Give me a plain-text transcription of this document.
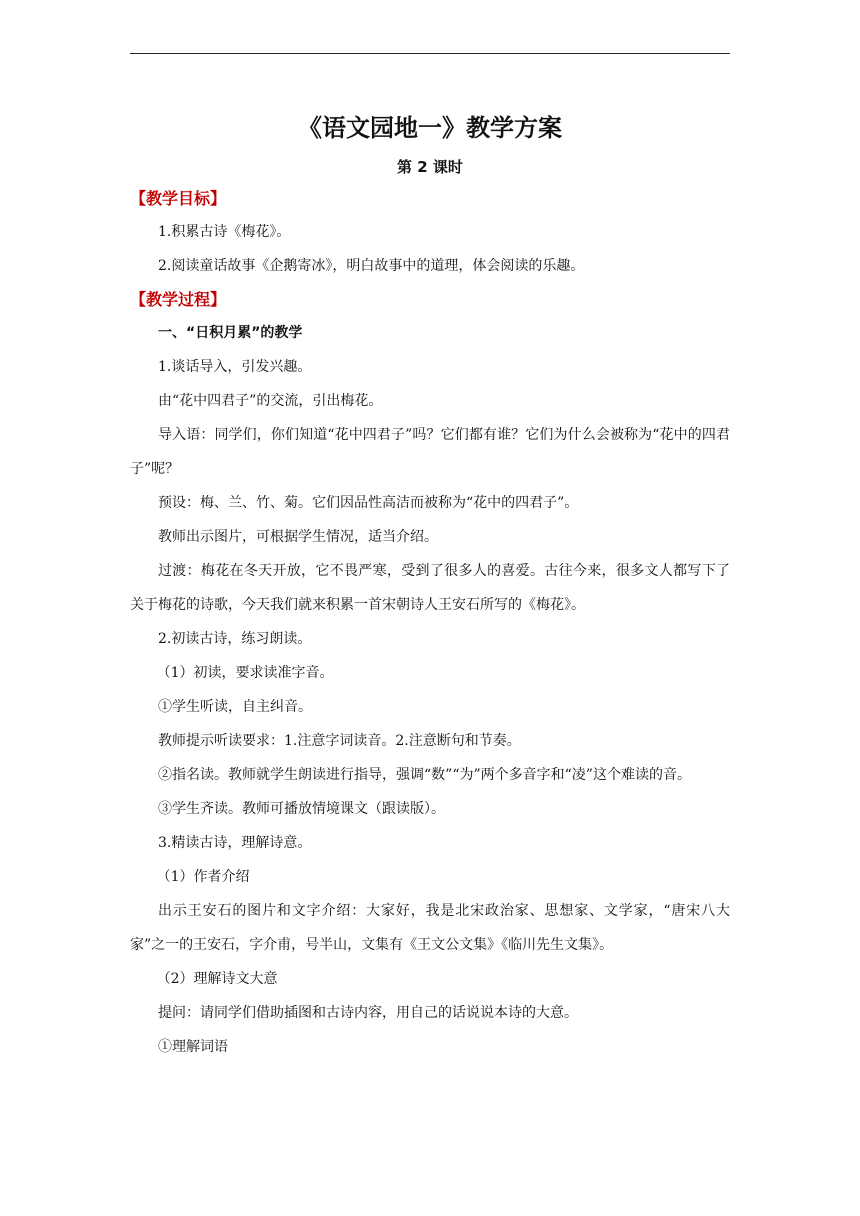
《语文园地一》教学方案
第 2 课时
【教学目标】

1.积累古诗《梅花》。

2.阅读童话故事《企鹅寄冰》，明白故事中的道理，体会阅读的乐趣。

【教学过程】

一、“日积月累”的教学

1.谈话导入，引发兴趣。

由“花中四君子”的交流，引出梅花。

导入语：同学们，你们知道“花中四君子”吗？它们都有谁？它们为什么会被称为“花中的四君子”呢？

预设：梅、兰、竹、菊。它们因品性高洁而被称为“花中的四君子”。

教师出示图片，可根据学生情况，适当介绍。

过渡：梅花在冬天开放，它不畏严寒，受到了很多人的喜爱。古往今来，很多文人都写下了关于梅花的诗歌，今天我们就来积累一首宋朝诗人王安石所写的《梅花》。

2.初读古诗，练习朗读。

（1）初读，要求读准字音。

①学生听读，自主纠音。

教师提示听读要求：1.注意字词读音。2.注意断句和节奏。

②指名读。教师就学生朗读进行指导，强调“数”“为”两个多音字和“凌”这个难读的音。

③学生齐读。教师可播放情境课文（跟读版）。

3.精读古诗，理解诗意。

（1）作者介绍

出示王安石的图片和文字介绍：大家好，我是北宋政治家、思想家、文学家，“唐宋八大家”之一的王安石，字介甫，号半山，文集有《王文公文集》《临川先生文集》。

（2）理解诗文大意

提问：请同学们借助插图和古诗内容，用自己的话说说本诗的大意。

①理解词语
